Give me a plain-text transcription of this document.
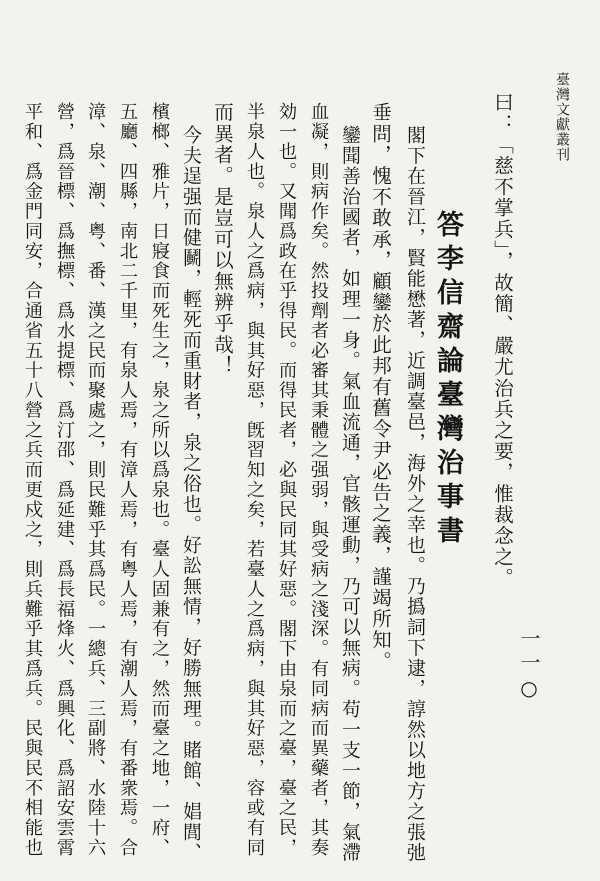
臺灣文獻叢刊
一一○
曰：「慈不掌兵」，故簡、嚴尤治兵之要，惟裁念之。
答李信齋論臺灣治事書
閣下在晉江，賢能懋著，近調臺邑，海外之幸也。乃撝詞下逮，諄然以地方之張弛
垂問，愧不敢承，顧鑾於此邦有舊令尹必告之義，謹竭所知。
鑾聞善治國者，如理一身。氣血流通，官骸運動，乃可以無病。苟一支一節，氣滯
血凝，則病作矣。然投劑者必審其秉體之强弱，與受病之淺深。有同病而異藥者，其奏
効一也。又聞爲政在乎得民。而得民者，必與民同其好惡。閣下由泉而之臺，臺之民，
半泉人也。泉人之爲病，與其好惡，旣習知之矣，若臺人之爲病，與其好惡，容或有同
而異者。是豈可以無辨乎哉！
今夫逞强而健鬭，輕死而重財者，泉之俗也。好訟無情，好勝無理。賭館、娼閭、
檳榔、雅片，日寢食而死生之，泉之所以爲泉也。臺人固兼有之，然而臺之地，一府、
五廳、四縣，南北二千里，有泉人焉，有漳人焉，有粤人焉，有潮人焉，有番衆焉。合
漳、泉、潮、粤、番、漢之民而聚處之，則民難乎其爲民。一總兵、三副將、水陸十六
營，爲晉標、爲撫標、爲水提標、爲汀邵、爲延建、爲長福烽火、爲興化、爲詔安雲霄
平和、爲金門同安，合通省五十八營之兵而更戍之，則兵難乎其爲兵。民與民不相能也
